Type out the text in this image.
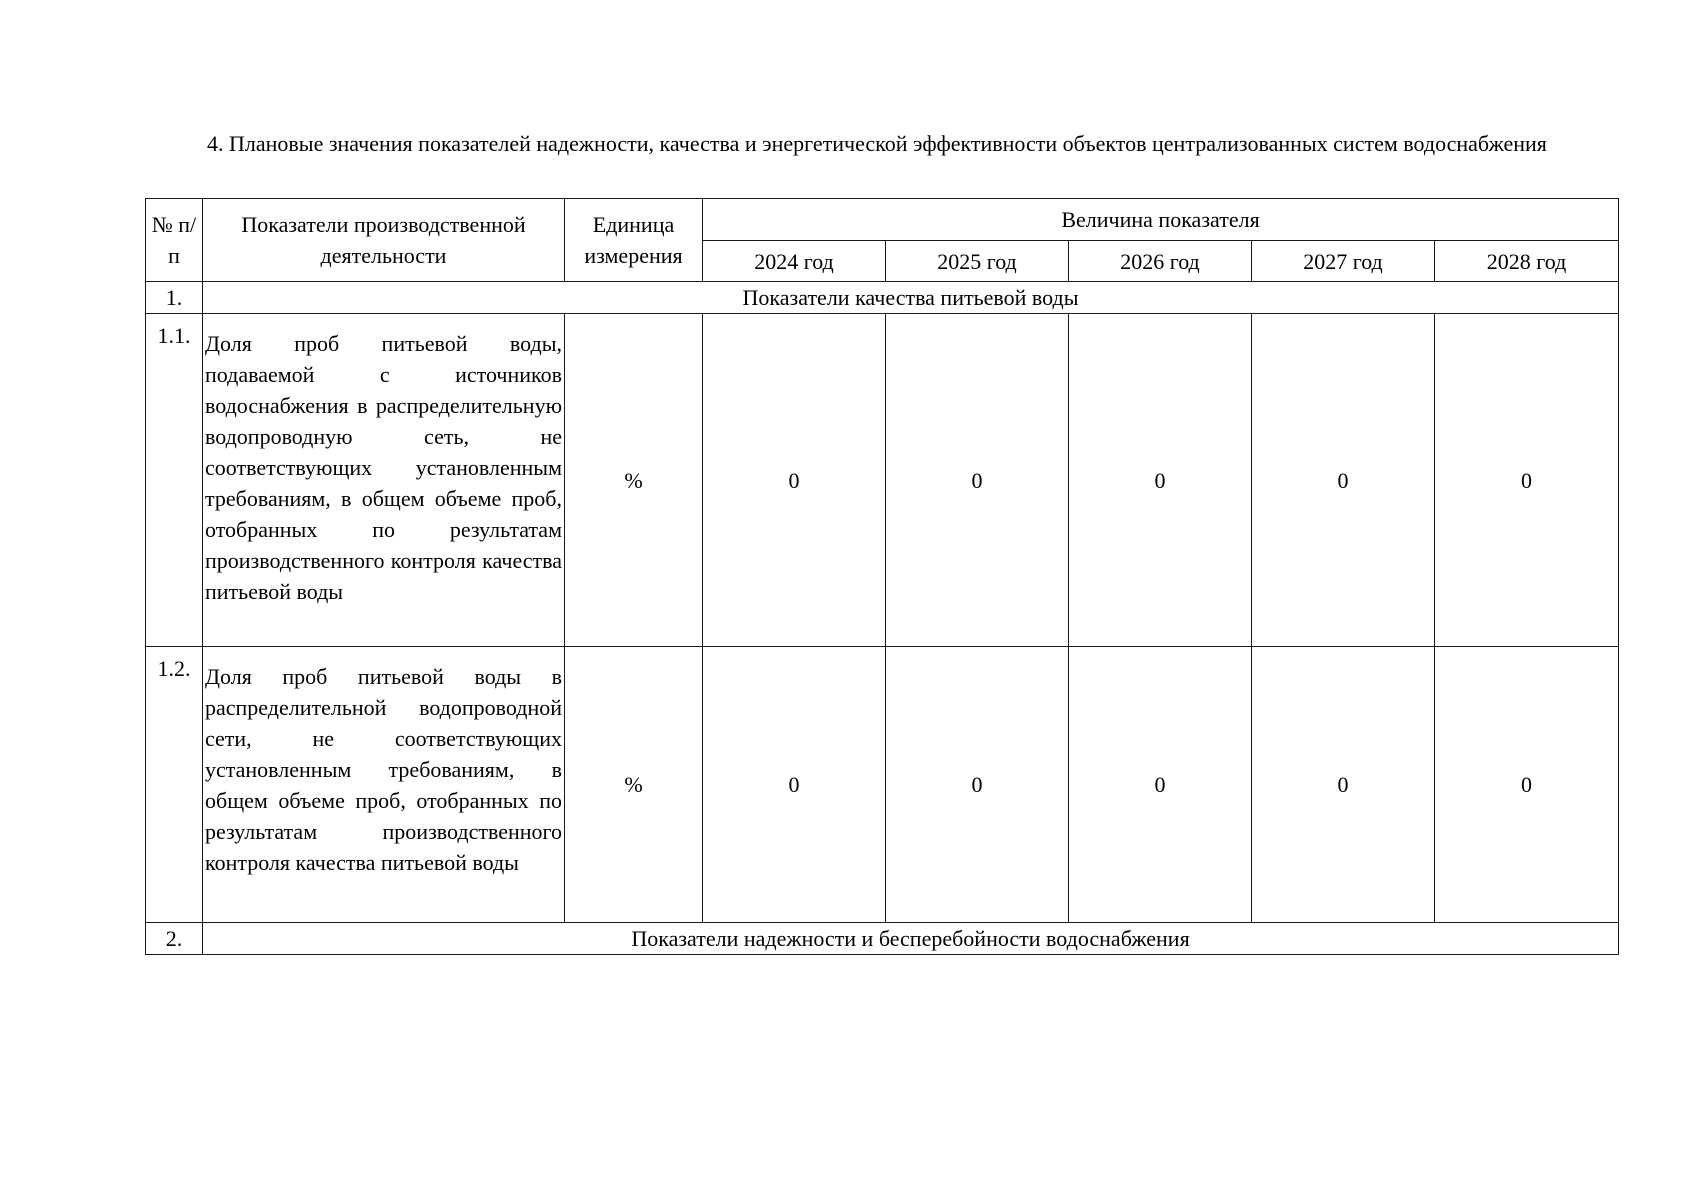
4. Плановые значения показателей надежности, качества и энергетической эффективности объектов централизованных систем водоснабжения
№ п/п	Показатели производственной деятельности	Единица измерения	Величина показателя				
			2024 год	2025 год	2026 год	2027 год	2028 год
1.	Показатели качества питьевой воды						
1.1.	Доля проб питьевой воды, подаваемой с источников водоснабжения в распределительную водопроводную сеть, не соответствующих установленным требованиям, в общем объеме проб, отобранных по результатам производственного контроля качества питьевой воды	%	0	0	0	0	0
1.2.	Доля проб питьевой воды в распределительной водопроводной сети, не соответствующих установленным требованиям, в общем объеме проб, отобранных по результатам производственного контроля качества питьевой воды	%	0	0	0	0	0
2.	Показатели надежности и бесперебойности водоснабжения						
